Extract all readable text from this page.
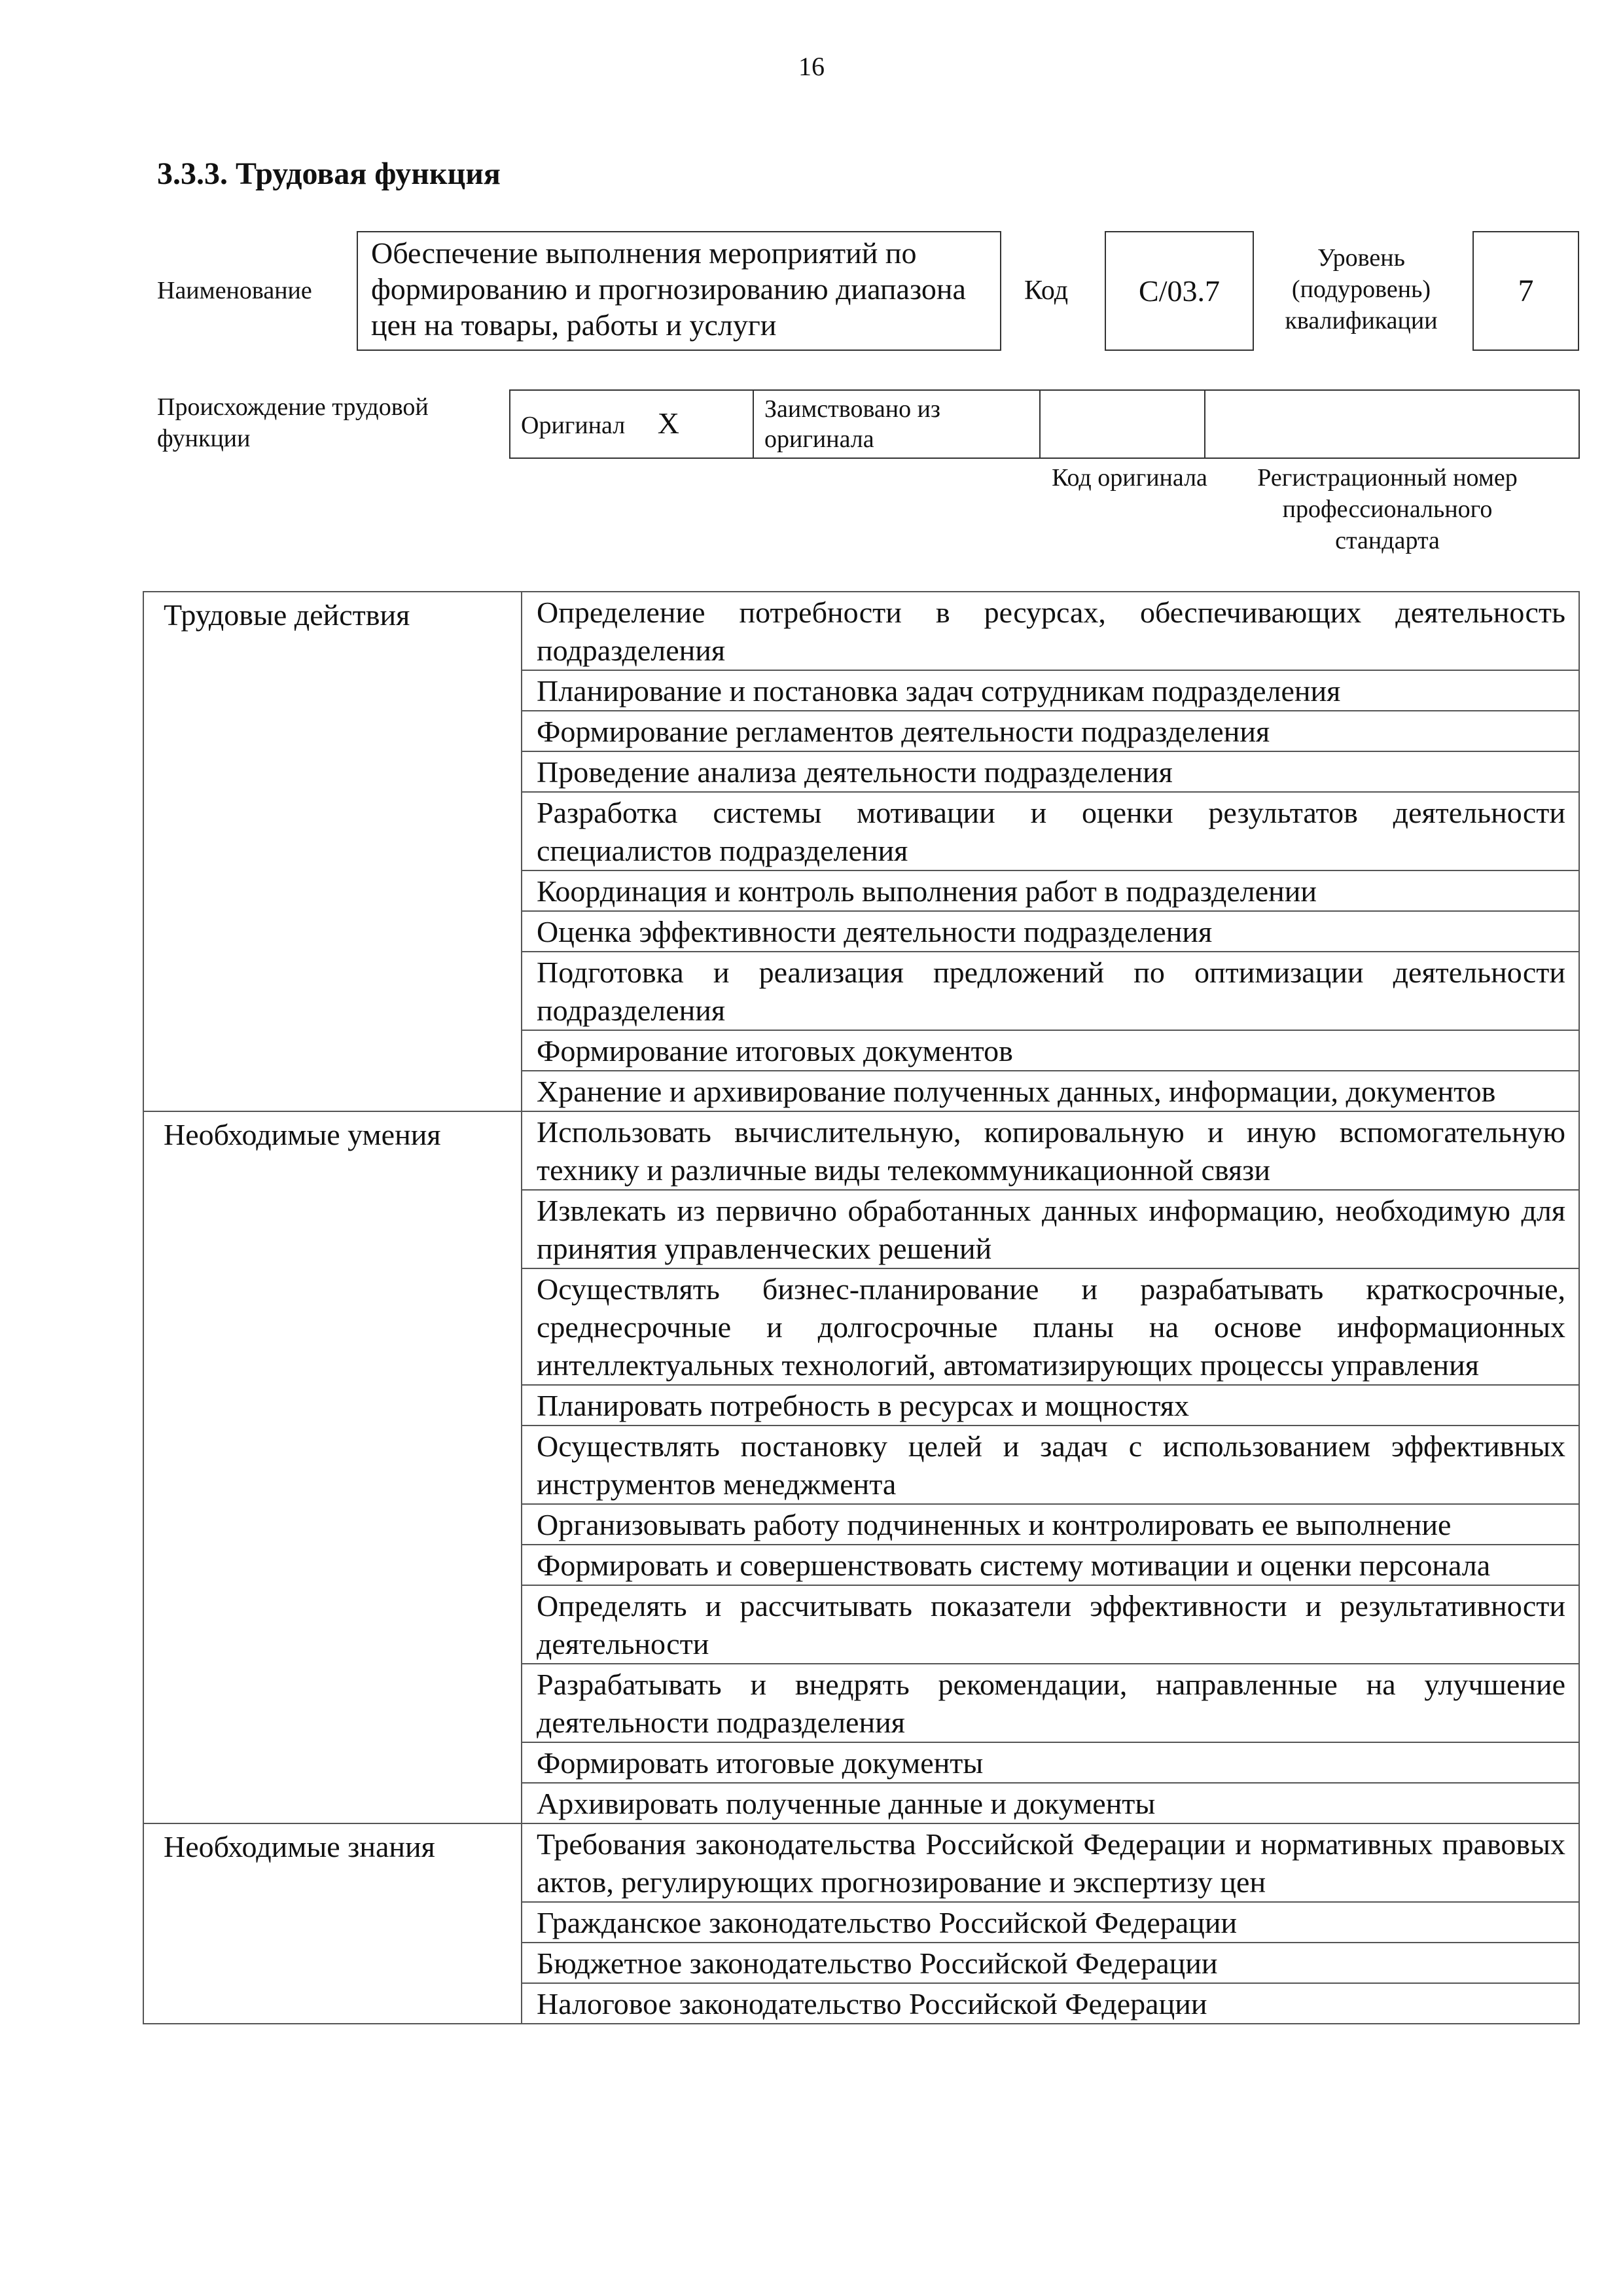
16
3.3.3. Трудовая функция
Наименование
Обеспечение выполнения мероприятий по формированию и прогнозированию диапазона цен на товары, работы и услуги
Код С/03.7
Уровень
(подуровень)
квалификации
7
Происхождение трудовой функции	Оригинал X	Заимствовано из оригинала		
Код оригинала	Регистрационный номер профессионального стандарта
Трудовые действия	Определение потребности в ресурсах, обеспечивающих деятельность подразделения
	Планирование и постановка задач сотрудникам подразделения
	Формирование регламентов деятельности подразделения
	Проведение анализа деятельности подразделения
	Разработка системы мотивации и оценки результатов деятельности специалистов подразделения
	Координация и контроль выполнения работ в подразделении
	Оценка эффективности деятельности подразделения
	Подготовка и реализация предложений по оптимизации деятельности подразделения
	Формирование итоговых документов
	Хранение и архивирование полученных данных, информации, документов
Необходимые умения	Использовать вычислительную, копировальную и иную вспомогательную технику и различные виды телекоммуникационной связи
	Извлекать из первично обработанных данных информацию, необходимую для принятия управленческих решений
	Осуществлять бизнес-планирование и разрабатывать краткосрочные, среднесрочные и долгосрочные планы на основе информационных интеллектуальных технологий, автоматизирующих процессы управления
	Планировать потребность в ресурсах и мощностях
	Осуществлять постановку целей и задач с использованием эффективных инструментов менеджмента
	Организовывать работу подчиненных и контролировать ее выполнение
	Формировать и совершенствовать систему мотивации и оценки персонала
	Определять и рассчитывать показатели эффективности и результативности деятельности
	Разрабатывать и внедрять рекомендации, направленные на улучшение деятельности подразделения
	Формировать итоговые документы
	Архивировать полученные данные и документы
Необходимые знания	Требования законодательства Российской Федерации и нормативных правовых актов, регулирующих прогнозирование и экспертизу цен
	Гражданское законодательство Российской Федерации
	Бюджетное законодательство Российской Федерации
	Налоговое законодательство Российской Федерации
